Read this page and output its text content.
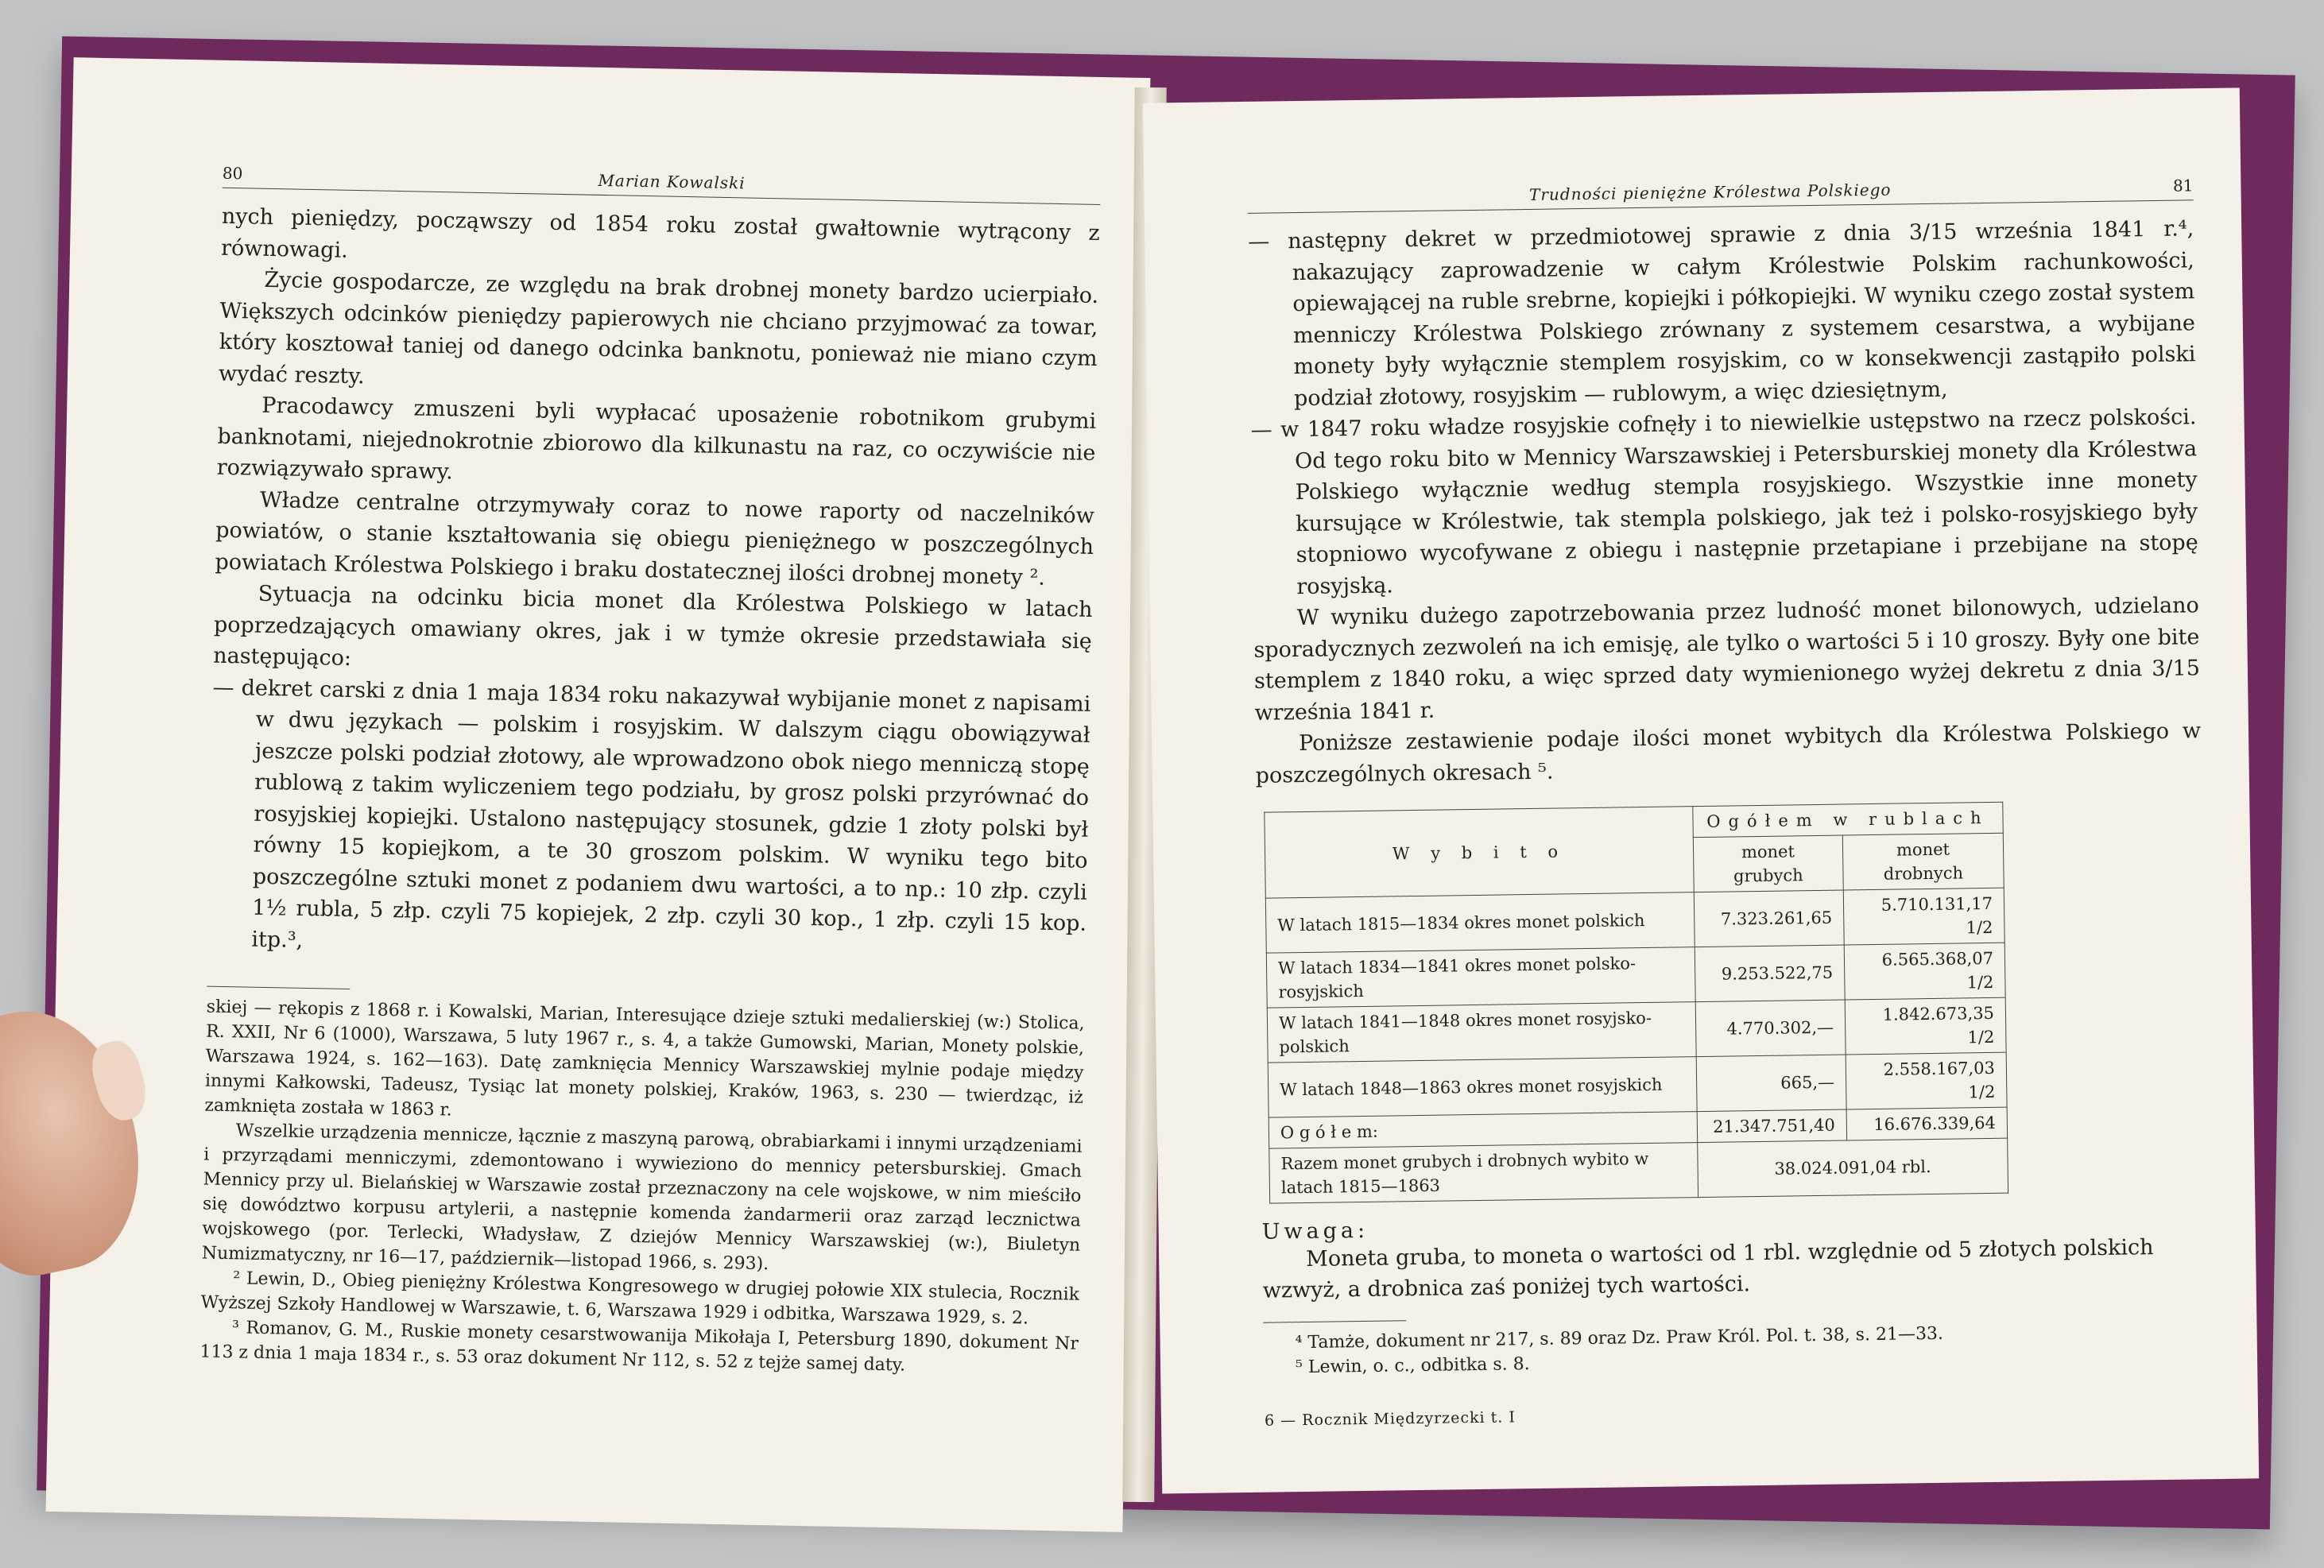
80	Marian Kowalski

nych pieniędzy, począwszy od 1854 roku został gwałtownie wytrącony z równowagi.

Życie gospodarcze, ze względu na brak drobnej monety bardzo ucierpiało. Większych odcinków pieniędzy papierowych nie chciano przyjmować za towar, który kosztował taniej od danego odcinka banknotu, ponieważ nie miano czym wydać reszty.

Pracodawcy zmuszeni byli wypłacać uposażenie robotnikom grubymi banknotami, niejednokrotnie zbiorowo dla kilkunastu na raz, co oczywiście nie rozwiązywało sprawy.

Władze centralne otrzymywały coraz to nowe raporty od naczelników powiatów, o stanie kształtowania się obiegu pieniężnego w poszczególnych powiatach Królestwa Polskiego i braku dostatecznej ilości drobnej monety ².

Sytuacja na odcinku bicia monet dla Królestwa Polskiego w latach poprzedzających omawiany okres, jak i w tymże okresie przedstawiała się następująco:

— dekret carski z dnia 1 maja 1834 roku nakazywał wybijanie monet z napisami w dwu językach — polskim i rosyjskim. W dalszym ciągu obowiązywał jeszcze polski podział złotowy, ale wprowadzono obok niego menniczą stopę rublową z takim wyliczeniem tego podziału, by grosz polski przyrównać do rosyjskiej kopiejki. Ustalono następujący stosunek, gdzie 1 złoty polski był równy 15 kopiejkom, a te 30 groszom polskim. W wyniku tego bito poszczególne sztuki monet z podaniem dwu wartości, a to np.: 10 złp. czyli 1½ rubla, 5 złp. czyli 75 kopiejek, 2 złp. czyli 30 kop., 1 złp. czyli 15 kop. itp.³,

skiej — rękopis z 1868 r. i Kowalski, Marian, Interesujące dzieje sztuki medalierskiej (w:) Stolica, R. XXII, Nr 6 (1000), Warszawa, 5 luty 1967 r., s. 4, a także Gumowski, Marian, Monety polskie, Warszawa 1924, s. 162—163). Datę zamknięcia Mennicy Warszawskiej mylnie podaje między innymi Kałkowski, Tadeusz, Tysiąc lat monety polskiej, Kraków, 1963, s. 230 — twierdząc, iż zamknięta została w 1863 r.

Wszelkie urządzenia mennicze, łącznie z maszyną parową, obrabiarkami i innymi urządzeniami i przyrządami menniczymi, zdemontowano i wywieziono do mennicy petersburskiej. Gmach Mennicy przy ul. Bielańskiej w Warszawie został przeznaczony na cele wojskowe, w nim mieściło się dowództwo korpusu artylerii, a następnie komenda żandarmerii oraz zarząd lecznictwa wojskowego (por. Terlecki, Władysław, Z dziejów Mennicy Warszawskiej (w:), Biuletyn Numizmatyczny, nr 16—17, październik—listopad 1966, s. 293).

² Lewin, D., Obieg pieniężny Królestwa Kongresowego w drugiej połowie XIX stulecia, Rocznik Wyższej Szkoły Handlowej w Warszawie, t. 6, Warszawa 1929 i odbitka, Warszawa 1929, s. 2.

³ Romanov, G. M., Ruskie monety cesarstwowanija Mikołaja I, Petersburg 1890, dokument Nr 113 z dnia 1 maja 1834 r., s. 53 oraz dokument Nr 112, s. 52 z tejże samej daty.

Trudności pieniężne Królestwa Polskiego	81

— następny dekret w przedmiotowej sprawie z dnia 3/15 września 1841 r.⁴, nakazujący zaprowadzenie w całym Królestwie Polskim rachunkowości, opiewającej na ruble srebrne, kopiejki i półkopiejki. W wyniku czego został system menniczy Królestwa Polskiego zrównany z systemem cesarstwa, a wybijane monety były wyłącznie stemplem rosyjskim, co w konsekwencji zastąpiło polski podział złotowy, rosyjskim — rublowym, a więc dziesiętnym,

— w 1847 roku władze rosyjskie cofnęły i to niewielkie ustępstwo na rzecz polskości. Od tego roku bito w Mennicy Warszawskiej i Petersburskiej monety dla Królestwa Polskiego wyłącznie według stempla rosyjskiego. Wszystkie inne monety kursujące w Królestwie, tak stempla polskiego, jak też i polsko-rosyjskiego były stopniowo wycofywane z obiegu i następnie przetapiane i przebijane na stopę rosyjską.

W wyniku dużego zapotrzebowania przez ludność monet bilonowych, udzielano sporadycznych zezwoleń na ich emisję, ale tylko o wartości 5 i 10 groszy. Były one bite stemplem z 1840 roku, a więc sprzed daty wymienionego wyżej dekretu z dnia 3/15 września 1841 r.

Poniższe zestawienie podaje ilości monet wybitych dla Królestwa Polskiego w poszczególnych okresach ⁵.

W y b i t o	Ogółem w rublach	
	monet grubych	monet drobnych
W latach 1815—1834 okres monet polskich	7.323.261,65	5.710.131,17 1/2
W latach 1834—1841 okres monet polsko-rosyjskich	9.253.522,75	6.565.368,07 1/2
W latach 1841—1848 okres monet rosyjsko-polskich	4.770.302,—	1.842.673,35 1/2
W latach 1848—1863 okres monet rosyjskich	665,—	2.558.167,03 1/2
O g ó ł e m:	21.347.751,40	16.676.339,64
Razem monet grubych i drobnych wybito w latach 1815—1863	38.024.091,04 rbl.	
Uwaga:
Moneta gruba, to moneta o wartości od 1 rbl. względnie od 5 złotych polskich wzwyż, a drobnica zaś poniżej tych wartości.

⁴ Tamże, dokument nr 217, s. 89 oraz Dz. Praw Król. Pol. t. 38, s. 21—33.

⁵ Lewin, o. c., odbitka s. 8.

6 — Rocznik Międzyrzecki t. I
